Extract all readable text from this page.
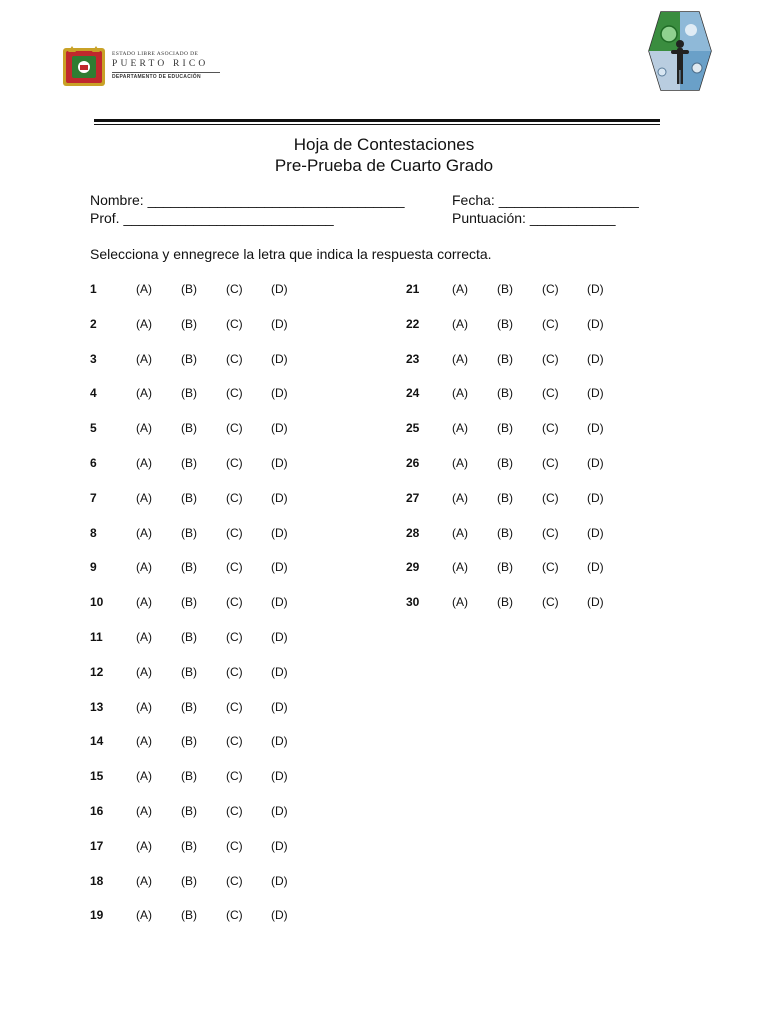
ESTADO LIBRE ASOCIADO DE
PUERTO RICO
DEPARTAMENTO DE EDUCACIÓN
Hoja de Contestaciones
Pre-Prueba de Cuarto Grado
Nombre: _________________________________	Fecha: __________________
Prof. ___________________________	Puntuación: ___________
Selecciona y ennegrece la letra que indica la respuesta correcta.
1	(A) (B) (C) (D)
2	(A) (B) (C) (D)
3	(A) (B) (C) (D)
4	(A) (B) (C) (D)
5	(A) (B) (C) (D)
6	(A) (B) (C) (D)
7	(A) (B) (C) (D)
8	(A) (B) (C) (D)
9	(A) (B) (C) (D)
10	(A) (B) (C) (D)
11	(A) (B) (C) (D)
12	(A) (B) (C) (D)
13	(A) (B) (C) (D)
14	(A) (B) (C) (D)
15	(A) (B) (C) (D)
16	(A) (B) (C) (D)
17	(A) (B) (C) (D)
18	(A) (B) (C) (D)
19	(A) (B) (C) (D)
21	(A) (B) (C) (D)
22	(A) (B) (C) (D)
23	(A) (B) (C) (D)
24	(A) (B) (C) (D)
25	(A) (B) (C) (D)
26	(A) (B) (C) (D)
27	(A) (B) (C) (D)
28	(A) (B) (C) (D)
29	(A) (B) (C) (D)
30	(A) (B) (C) (D)
